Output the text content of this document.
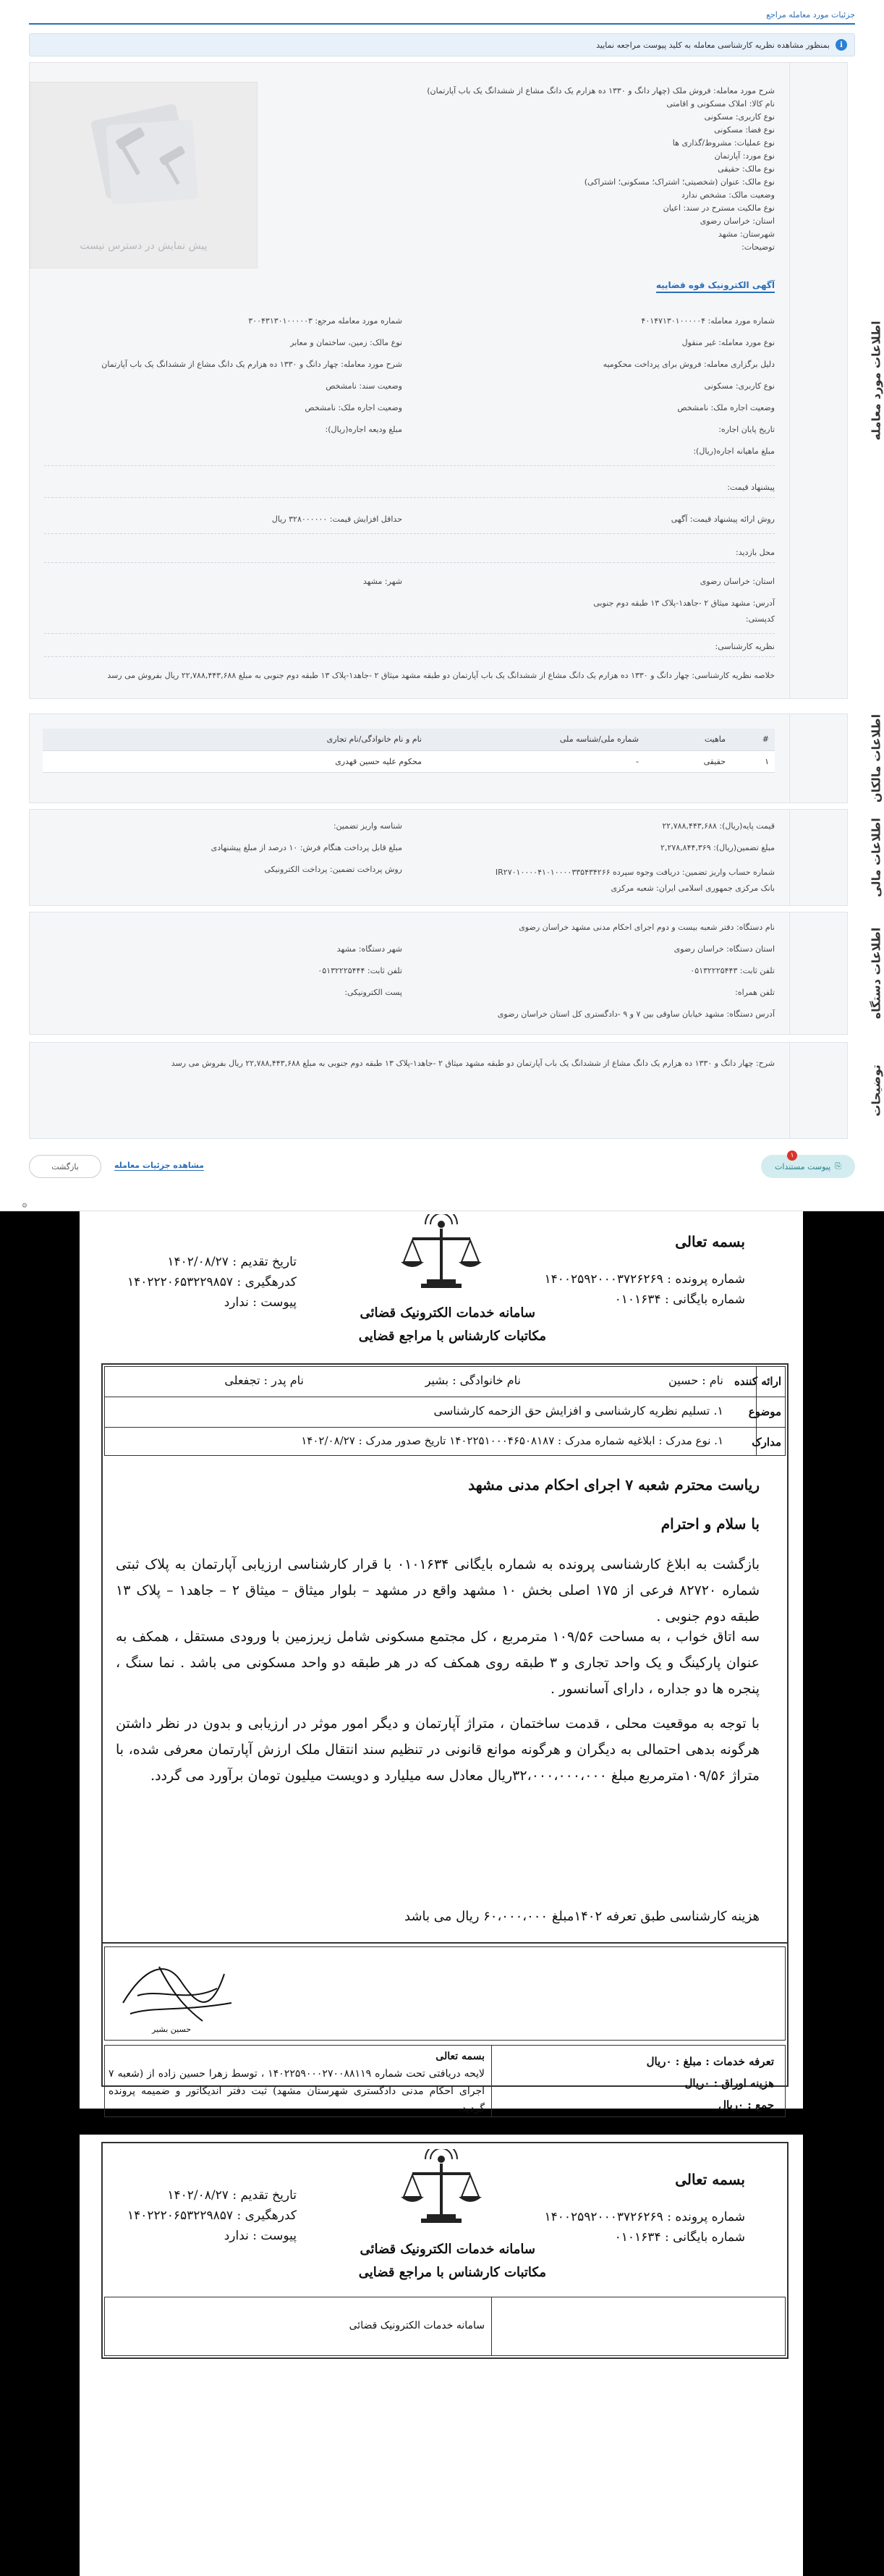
جزئیات مورد معامله مراجع
i
بمنظور مشاهده نظریه کارشناسی معامله به کلید پیوست مراجعه نمایید
اطلاعات مورد معامله
شرح مورد معامله: فروش ملک (چهار دانگ و ۱۳۳۰ ده هزارم یک دانگ مشاع از ششدانگ یک باب آپارتمان)
نام کالا: املاک مسکونی و اقامتی
نوع کاربری: مسکونی
نوع فضا: مسکونی
نوع عملیات: مشروط/گذاری ها
نوع مورد: آپارتمان
نوع مالک: حقیقی
نوع مالک: عنوان (شخصیتی؛ اشتراک؛ مسکونی؛ اشتراکی)
وضعیت مالک: مشخص ندارد
نوع مالکیت مسترح در سند: اعیان
استان: خراسان رضوی
شهرستان: مشهد
توضیحات:
پیش نمایش در دسترس نیست
آگهی الکترونیک قوه قضاییه
شماره مورد معامله: ۴۰۱۴۷۱۳۰۱۰۰۰۰۰۴
نوع مورد معامله: غیر منقول
دلیل برگزاری معامله: فروش برای پرداخت محکومیه
نوع کاربری: مسکونی
وضعیت اجاره ملک: نامشخص
تاریخ پایان اجاره:
مبلغ ماهیانه اجاره(ریال):
شماره مورد معامله مرجع: ۳۰۰۴۳۱۳۰۱۰۰۰۰۰۳
نوع مالک: زمین، ساختمان و معابر
شرح مورد معامله: چهار دانگ و ۱۳۳۰ ده هزارم یک دانگ مشاع از ششدانگ یک باب آپارتمان
وضعیت سند: نامشخص
وضعیت اجاره ملک: نامشخص
مبلغ ودیعه اجاره(ریال):
پیشنهاد قیمت:
روش ارائه پیشنهاد قیمت: آگهی
حداقل افزایش قیمت: ۳۲۸۰۰۰۰۰۰ ریال
محل بازدید:
استان: خراسان رضوی
شهر: مشهد
آدرس: مشهد میثاق ۲ -جاهد۱-پلاک ۱۳ طبقه دوم جنوبی
کدپستی:
نظریه کارشناسی:
خلاصه نظریه کارشناسی: چهار دانگ و ۱۳۳۰ ده هزارم یک دانگ مشاع از ششدانگ یک باب آپارتمان دو طبقه مشهد میثاق ۲ -جاهد۱-پلاک ۱۳ طبقه دوم جنوبی به مبلغ ۲۲,۷۸۸,۴۴۳,۶۸۸ ریال بفروش می رسد
اطلاعات مالکان
#	ماهیت	شماره ملی/شناسه ملی	نام و نام خانوادگی/نام تجاری
۱	حقیقی	-	محکوم علیه حسین قهدری
اطلاعات مالی
قیمت پایه(ریال): ۲۲,۷۸۸,۴۴۳,۶۸۸
مبلغ تضمین(ریال): ۲,۲۷۸,۸۴۴,۳۶۹
شماره حساب واریز تضمین: دریافت وجوه سپرده IR۲۷۰۱۰۰۰۰۴۱۰۱۰۰۰۰۳۳۵۴۳۴۲۶۶ بانک مرکزی جمهوری اسلامی ایران: شعبه مرکزی
شناسه واریز تضمین:
مبلغ قابل پرداخت هنگام فرش: ۱۰ درصد از مبلغ پیشنهادی
روش پرداخت تضمین: پرداخت الکترونیکی
اطلاعات دستگاه
نام دستگاه: دفتر شعبه بیست و دوم اجرای احکام مدنی مشهد خراسان رضوی
استان دستگاه: خراسان رضوی
تلفن ثابت: ۰۵۱۳۲۲۲۵۴۴۳
تلفن همراه:
شهر دستگاه: مشهد
تلفن ثابت: ۰۵۱۳۲۲۲۵۴۴۴
پست الکترونیکی:
آدرس دستگاه: مشهد خیابان ساوقی بین ۷ و ۹ -دادگستری کل استان خراسان رضوی
توضیحات
شرح: چهار دانگ و ۱۳۳۰ ده هزارم یک دانگ مشاع از ششدانگ یک باب آپارتمان دو طبقه مشهد میثاق ۲ -جاهد۱-پلاک ۱۳ طبقه دوم جنوبی به مبلغ ۲۲,۷۸۸,۴۴۳,۶۸۸ ریال بفروش می رسد
⎘
پیوست مستندات
۱
مشاهده جزئیات معامله
بازگشت
⚙
بسمه تعالی
شماره پرونده : ۱۴۰۰۲۵۹۲۰۰۰۳۷۲۶۲۶۹
شماره بایگانی : ۰۱۰۱۶۳۴
سامانه خدمات الکترونیک قضائی
مکاتبات کارشناس با مراجع قضایی
تاریخ تقدیم : ۱۴۰۲/۰۸/۲۷
کدرهگیری : ۱۴۰۲۲۲۰۶۵۳۲۲۹۸۵۷
پیوست : ندارد
ارائه کننده
نام : حسین
نام خانوادگی : بشیر
نام پدر : تجفعلی
موضوع
۱. تسلیم نظریه کارشناسی و افزایش حق الزحمه کارشناسی
مدارک
۱. نوع مدرک : ابلاغیه شماره مدرک : ۱۴۰۲۲۵۱۰۰۰۴۶۵۰۸۱۸۷ تاریخ صدور مدرک : ۱۴۰۲/۰۸/۲۷
ریاست محترم شعبه ۷ اجرای احکام مدنی مشهد
با سلام و احترام
بازگشت به ابلاغ کارشناسی پرونده به شماره بایگانی ۰۱۰۱۶۳۴ با قرار کارشناسی ارزیابی آپارتمان به پلاک ثبتی شماره ۸۲۷۲۰ فرعی از ۱۷۵ اصلی بخش ۱۰ مشهد واقع در مشهد – بلوار میثاق – میثاق ۲ – جاهد۱ – پلاک ۱۳ طبقه دوم جنوبی .
سه اتاق خواب ، به مساحت ۱۰۹/۵۶ مترمربع ، کل مجتمع مسکونی شامل زیرزمین با ورودی مستقل ، همکف به عنوان پارکینگ و یک واحد تجاری و ۳ طبقه روی همکف که در هر طبقه دو واحد مسکونی می باشد . نما سنگ ، پنجره ها دو جداره ، دارای آسانسور .
با توجه به موقعیت محلی ، قدمت ساختمان ، متراژ آپارتمان و دیگر امور موثر در ارزیابی و بدون در نظر داشتن هرگونه بدهی احتمالی به دیگران و هرگونه موانع قانونی در تنظیم سند انتقال ملک ارزش آپارتمان معرفی شده، با متراژ ۱۰۹/۵۶مترمربع مبلغ ۳۲،۰۰۰،۰۰۰،۰۰۰ریال معادل سه میلیارد و دویست میلیون تومان برآورد می گردد.
هزینه کارشناسی طبق تعرفه ۱۴۰۲مبلغ ۶۰،۰۰۰،۰۰۰ ریال می باشد
حسین بشیر
بسمه تعالی
لایحه دریافتی تحت شماره ۱۴۰۲۲۵۹۰۰۰۲۷۰۰۸۸۱۱۹ ، توسط زهرا حسین زاده از (شعبه ۷ اجرای احکام مدنی دادگستری شهرستان مشهد) ثبت دفتر اندیکاتور و ضمیمه پرونده گردید.
تعرفه خدمات : مبلغ : ۰ریال
هزینه اوراق : ۰ریال
جمع : ۰ریال
بسمه تعالی
شماره پرونده : ۱۴۰۰۲۵۹۲۰۰۰۳۷۲۶۲۶۹
شماره بایگانی : ۰۱۰۱۶۳۴
سامانه خدمات الکترونیک قضائی
مکاتبات کارشناس با مراجع قضایی
تاریخ تقدیم : ۱۴۰۲/۰۸/۲۷
کدرهگیری : ۱۴۰۲۲۲۰۶۵۳۲۲۹۸۵۷
پیوست : ندارد
سامانه خدمات الکترونیک قضائی
